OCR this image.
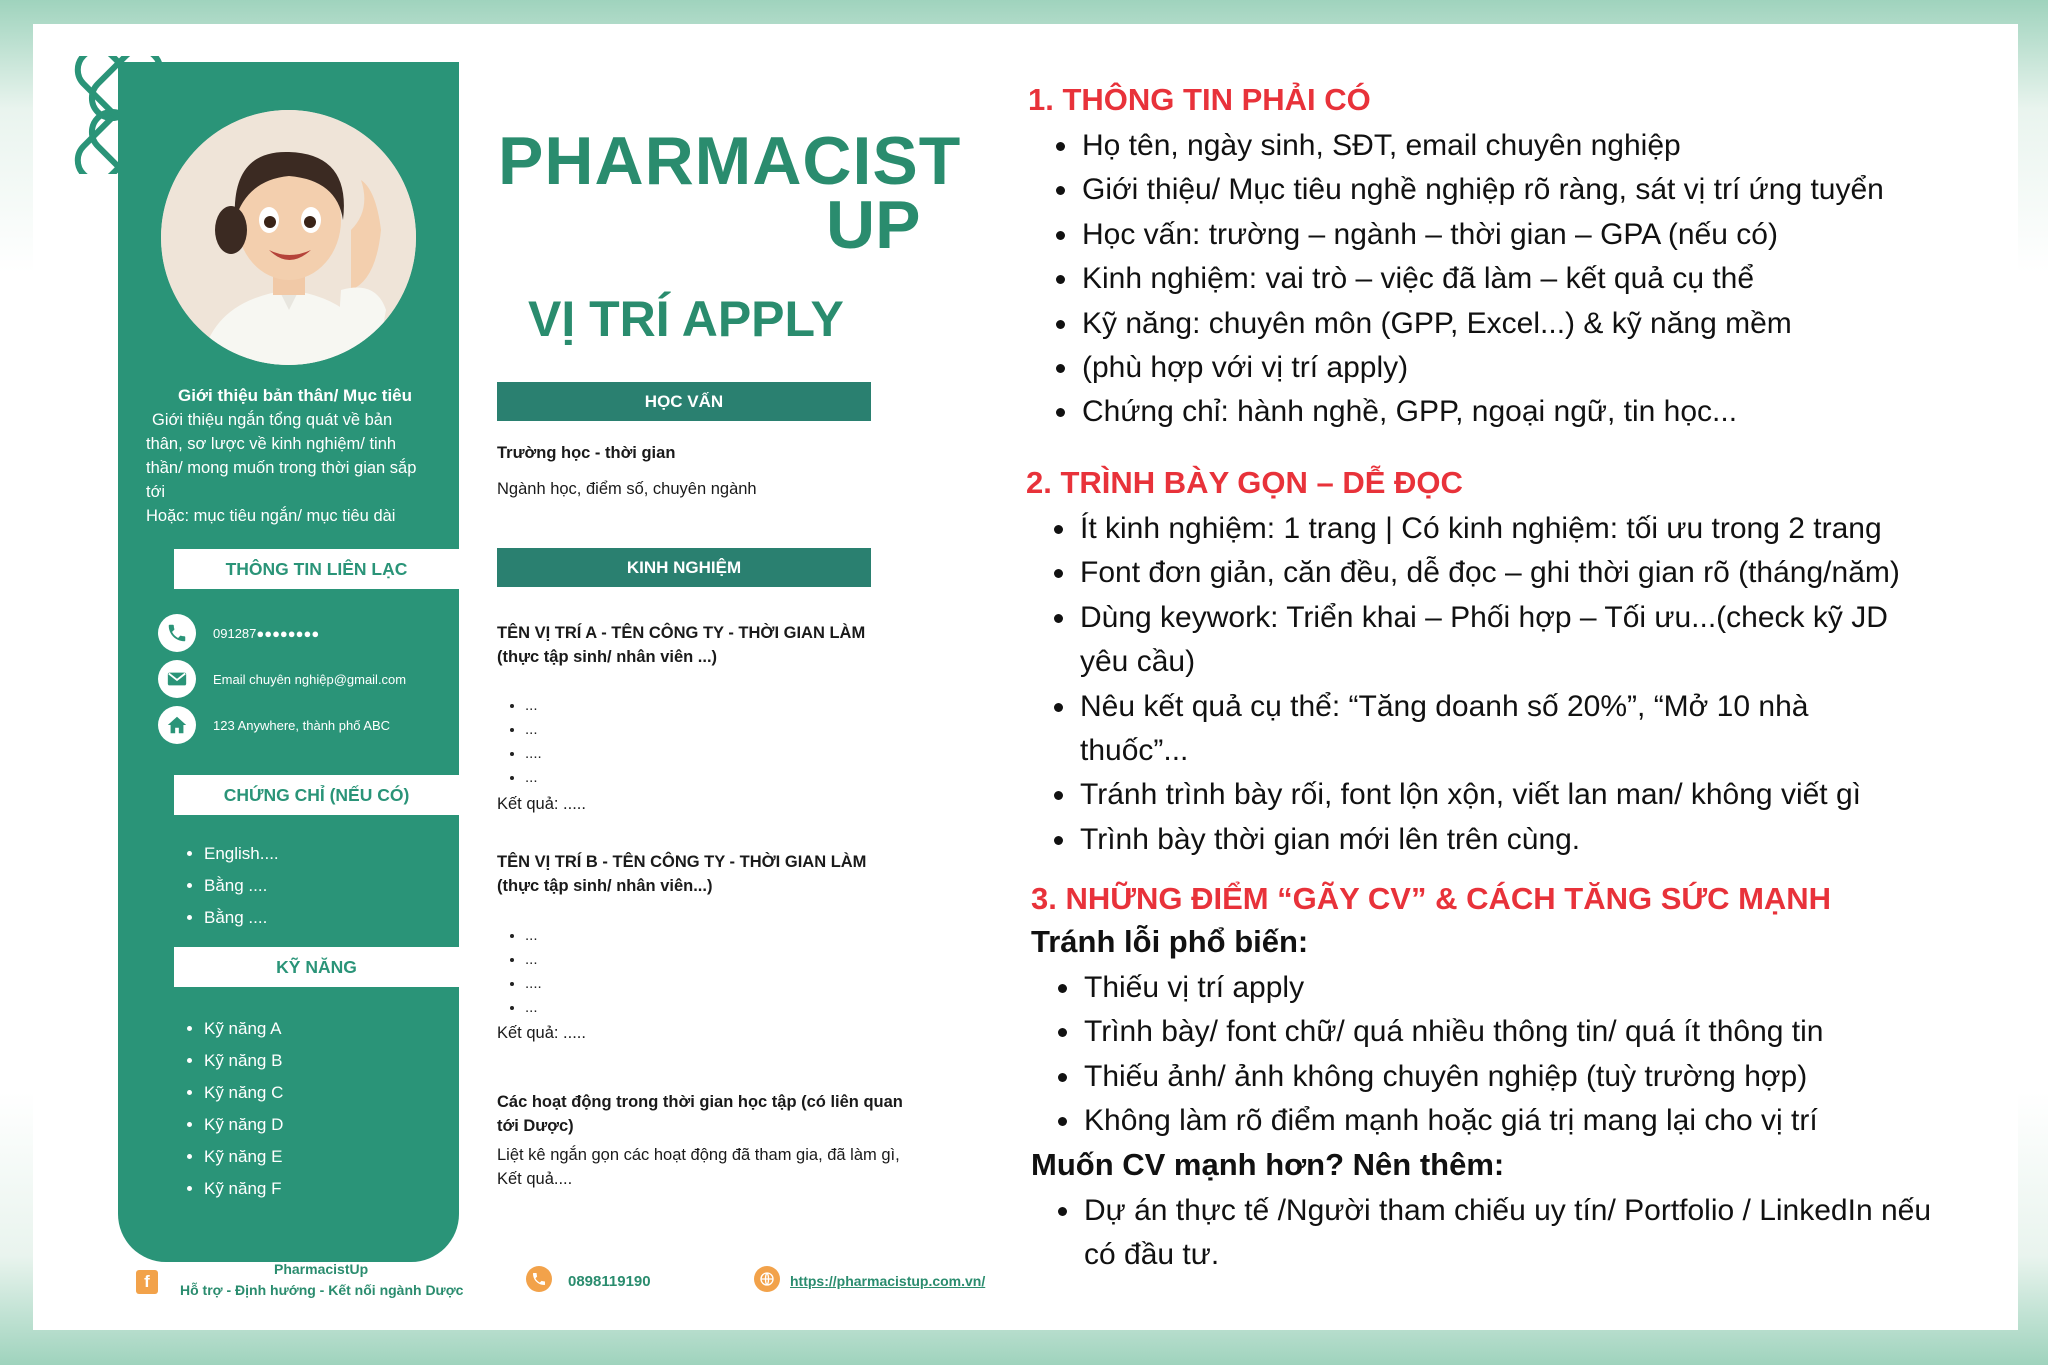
Giới thiệu bản thân/ Mục tiêu
Giới thiệu ngắn tổng quát về bản
thân, sơ lược về kinh nghiệm/ tinh
thần/ mong muốn trong thời gian sắp
tới
Hoặc: mục tiêu ngắn/ mục tiêu dài
THÔNG TIN LIÊN LẠC
091287●●●●●●●●
Email chuyên nghiệp@gmail.com
123 Anywhere, thành phố ABC
CHỨNG CHỈ (NẾU CÓ)
• English....
• Bằng ....
• Bằng ....
KỸ NĂNG
• Kỹ năng A
• Kỹ năng B
• Kỹ năng C
• Kỹ năng D
• Kỹ năng E
• Kỹ năng F
PHARMACIST
UP
VỊ TRÍ APPLY
HỌC VẤN
Trường học - thời gian
Ngành học, điểm số, chuyên ngành
KINH NGHIỆM
TÊN VỊ TRÍ A - TÊN CÔNG TY - THỜI GIAN LÀM
(thực tập sinh/ nhân viên ...)
• ...
• ...
• ....
• ...
Kết quả: .....
TÊN VỊ TRÍ B - TÊN CÔNG TY - THỜI GIAN LÀM
(thực tập sinh/ nhân viên...)
• ...
• ...
• ....
• ...
Kết quả: .....
Các hoạt động trong thời gian học tập (có liên quan
tới Dược)
Liệt kê ngắn gọn các hoạt động đã tham gia, đã làm gì,
Kết quả....
f
PharmacistUp
Hỗ trợ - Định hướng - Kết nối ngành Dược	0898119190	https://pharmacistup.com.vn/
1. THÔNG TIN PHẢI CÓ
Họ tên, ngày sinh, SĐT, email chuyên nghiệp
Giới thiệu/ Mục tiêu nghề nghiệp rõ ràng, sát vị trí ứng tuyển
Học vấn: trường – ngành – thời gian – GPA (nếu có)
Kinh nghiệm: vai trò – việc đã làm – kết quả cụ thể
Kỹ năng: chuyên môn (GPP, Excel...) & kỹ năng mềm
(phù hợp với vị trí apply)
Chứng chỉ: hành nghề, GPP, ngoại ngữ, tin học...
2. TRÌNH BÀY GỌN – DỄ ĐỌC
Ít kinh nghiệm: 1 trang | Có kinh nghiệm: tối ưu trong 2 trang
Font đơn giản, căn đều, dễ đọc – ghi thời gian rõ (tháng/năm)
Dùng keywork: Triển khai – Phối hợp – Tối ưu...(check kỹ JD yêu cầu)
Nêu kết quả cụ thể: “Tăng doanh số 20%”, “Mở 10 nhà thuốc”...
Tránh trình bày rối, font lộn xộn, viết lan man/ không viết gì
Trình bày thời gian mới lên trên cùng.
3. NHỮNG ĐIỂM “GÃY CV” & CÁCH TĂNG SỨC MẠNH
Tránh lỗi phổ biến:
Thiếu vị trí apply
Trình bày/ font chữ/ quá nhiều thông tin/ quá ít thông tin
Thiếu ảnh/ ảnh không chuyên nghiệp (tuỳ trường hợp)
Không làm rõ điểm mạnh hoặc giá trị mang lại cho vị trí
Muốn CV mạnh hơn? Nên thêm:
Dự án thực tế /Người tham chiếu uy tín/ Portfolio / LinkedIn nếu có đầu tư.
